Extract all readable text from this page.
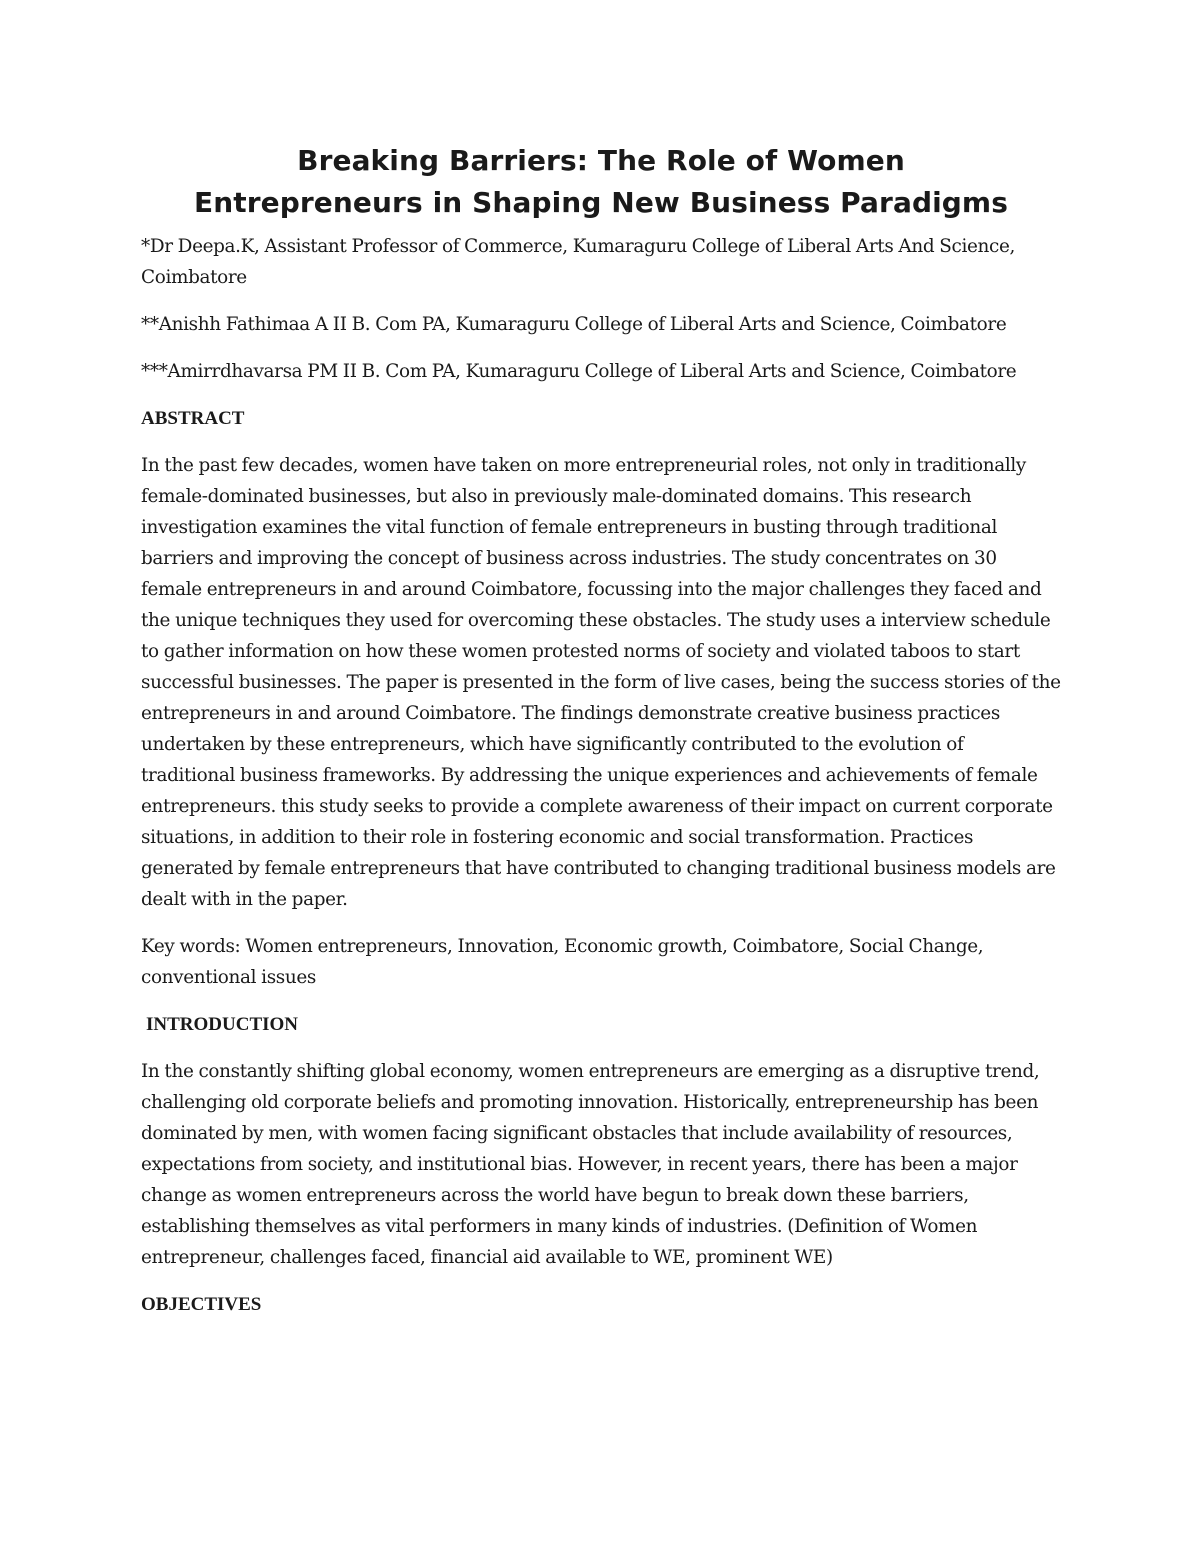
Breaking Barriers: The Role of Women
Entrepreneurs in Shaping New Business Paradigms

*Dr Deepa.K, Assistant Professor of Commerce, Kumaraguru College of Liberal Arts And Science, Coimbatore

**Anishh Fathimaa A II B. Com PA, Kumaraguru College of Liberal Arts and Science, Coimbatore

***Amirrdhavarsa PM II B. Com PA, Kumaraguru College of Liberal Arts and Science, Coimbatore

ABSTRACT

In the past few decades, women have taken on more entrepreneurial roles, not only in traditionally female-dominated businesses, but also in previously male-dominated domains. This research investigation examines the vital function of female entrepreneurs in busting through traditional barriers and improving the concept of business across industries. The study concentrates on 30 female entrepreneurs in and around Coimbatore, focussing into the major challenges they faced and the unique techniques they used for overcoming these obstacles. The study uses a interview schedule to gather information on how these women protested norms of society and violated taboos to start successful businesses. The paper is presented in the form of live cases, being the success stories of the entrepreneurs in and around Coimbatore. The findings demonstrate creative business practices undertaken by these entrepreneurs, which have significantly contributed to the evolution of traditional business frameworks. By addressing the unique experiences and achievements of female entrepreneurs. this study seeks to provide a complete awareness of their impact on current corporate situations, in addition to their role in fostering economic and social transformation. Practices generated by female entrepreneurs that have contributed to changing traditional business models are dealt with in the paper.

Key words: Women entrepreneurs, Innovation, Economic growth, Coimbatore, Social Change, conventional issues

INTRODUCTION

In the constantly shifting global economy, women entrepreneurs are emerging as a disruptive trend, challenging old corporate beliefs and promoting innovation. Historically, entrepreneurship has been dominated by men, with women facing significant obstacles that include availability of resources, expectations from society, and institutional bias. However, in recent years, there has been a major change as women entrepreneurs across the world have begun to break down these barriers, establishing themselves as vital performers in many kinds of industries. (Definition of Women entrepreneur, challenges faced, financial aid available to WE, prominent WE)

OBJECTIVES
